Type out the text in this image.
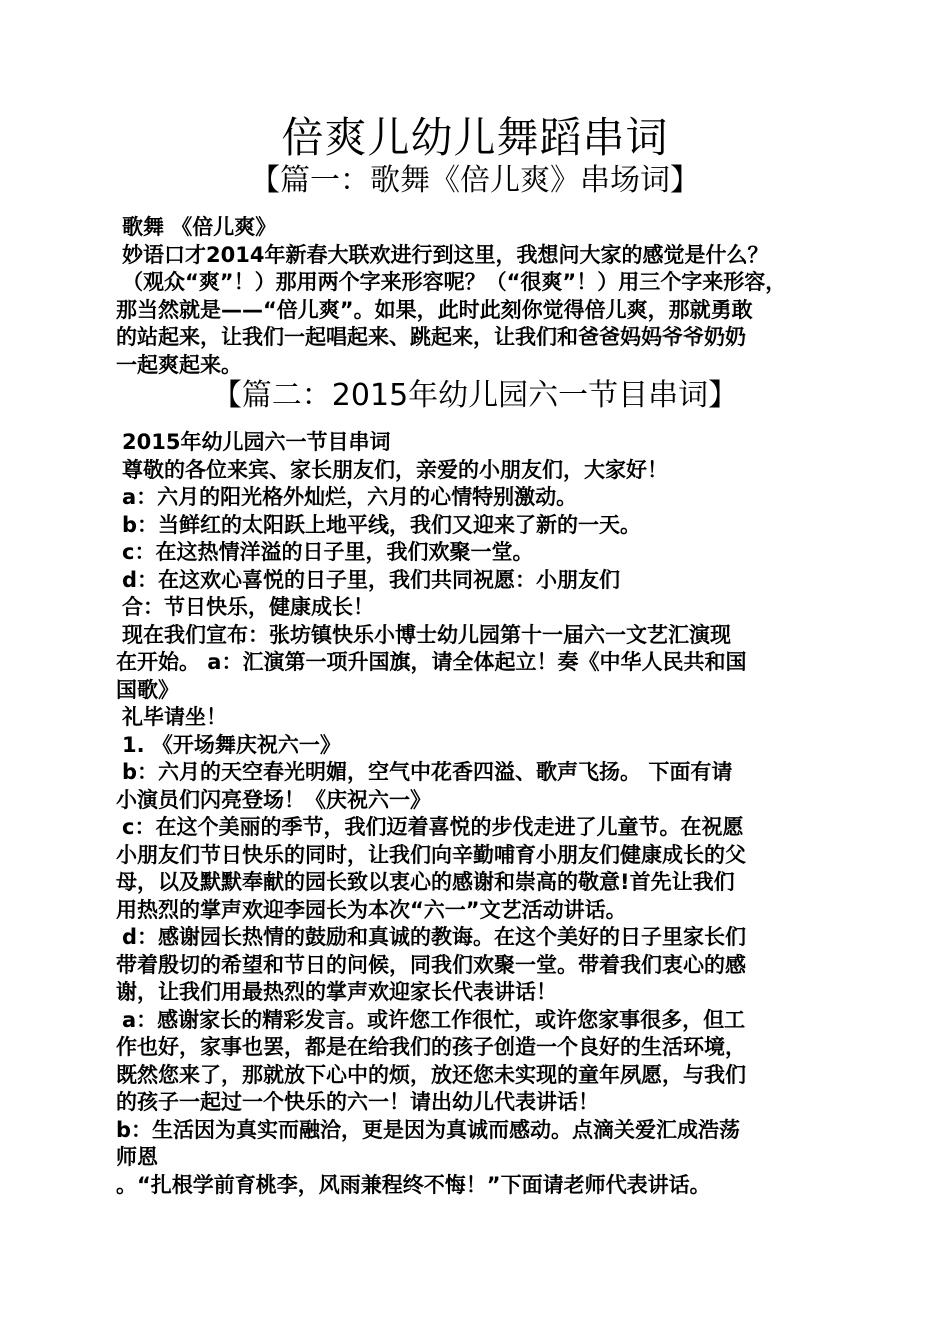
倍爽儿幼儿舞蹈串词
【篇一：歌舞《倍儿爽》串场词】

歌舞 《倍儿爽》

妙语口才2014年新春大联欢进行到这里，我想问大家的感觉是什么？

（观众“爽”！）那用两个字来形容呢？（“很爽”！）用三个字来形容，

那当然就是——“倍儿爽”。如果，此时此刻你觉得倍儿爽，那就勇敢

的站起来，让我们一起唱起来、跳起来，让我们和爸爸妈妈爷爷奶奶

一起爽起来。

【篇二：2015年幼儿园六一节目串词】

2015年幼儿园六一节目串词

尊敬的各位来宾、家长朋友们，亲爱的小朋友们，大家好！

a：六月的阳光格外灿烂，六月的心情特别激动。

b：当鲜红的太阳跃上地平线，我们又迎来了新的一天。

c：在这热情洋溢的日子里，我们欢聚一堂。

d：在这欢心喜悦的日子里，我们共同祝愿：小朋友们

合：节日快乐，健康成长！

现在我们宣布：张坊镇快乐小博士幼儿园第十一届六一文艺汇演现

在开始。 a：汇演第一项升国旗，请全体起立！奏《中华人民共和国

国歌》

礼毕请坐！

1. 《开场舞庆祝六一》

b：六月的天空春光明媚，空气中花香四溢、歌声飞扬。 下面有请

小演员们闪亮登场！《庆祝六一》

c：在这个美丽的季节，我们迈着喜悦的步伐走进了儿童节。在祝愿

小朋友们节日快乐的同时，让我们向辛勤哺育小朋友们健康成长的父

母，以及默默奉献的园长致以衷心的感谢和崇高的敬意!首先让我们

用热烈的掌声欢迎李园长为本次“六一”文艺活动讲话。

d：感谢园长热情的鼓励和真诚的教诲。在这个美好的日子里家长们

带着殷切的希望和节日的问候，同我们欢聚一堂。带着我们衷心的感

谢，让我们用最热烈的掌声欢迎家长代表讲话！

a：感谢家长的精彩发言。或许您工作很忙，或许您家事很多，但工

作也好，家事也罢，都是在给我们的孩子创造一个良好的生活环境，

既然您来了，那就放下心中的烦，放还您未实现的童年夙愿，与我们

的孩子一起过一个快乐的六一！请出幼儿代表讲话！

b：生活因为真实而融洽，更是因为真诚而感动。点滴关爱汇成浩荡

师恩

。“扎根学前育桃李，风雨兼程终不悔！”下面请老师代表讲话。
